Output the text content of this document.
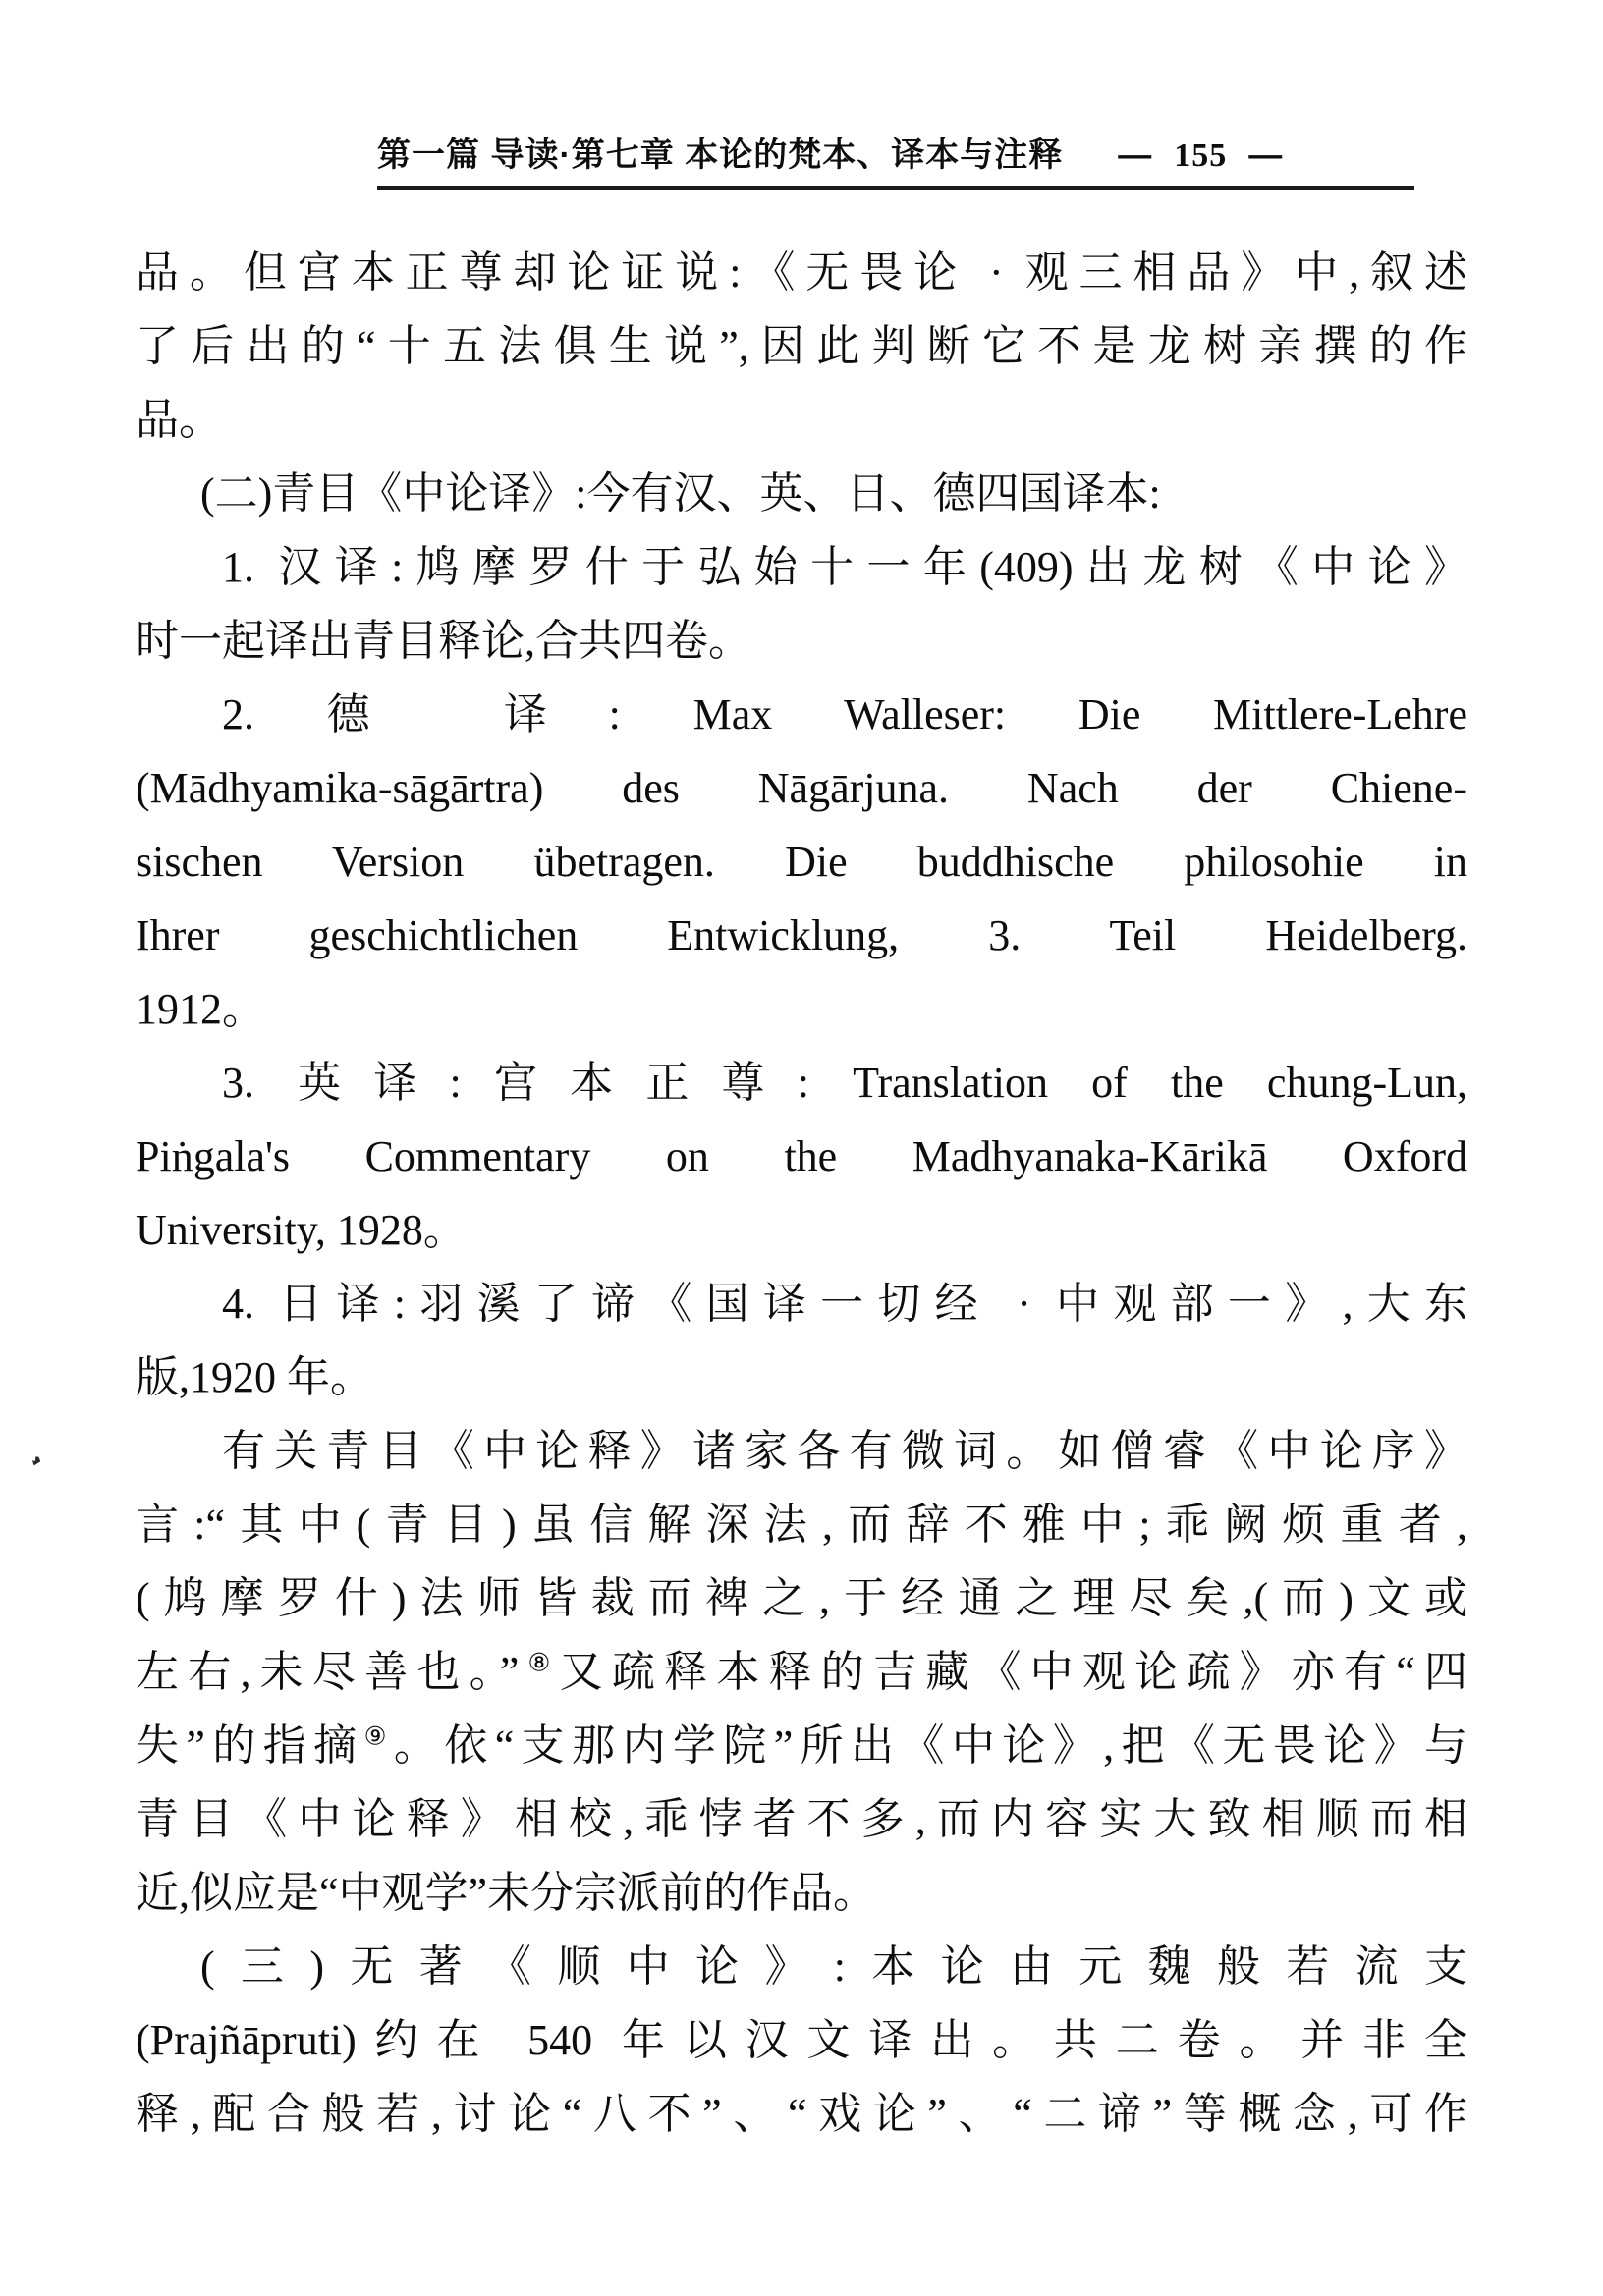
第一篇 导读·第七章 本论的梵本、译本与注释 — 155 —
品。但宫本正尊却论证说:《无畏论 · 观三相品》中,叙述
了后出的“十五法俱生说”,因此判断它不是龙树亲撰的作
品。
(二)青目《中论译》:今有汉、英、日、德四国译本:
1. 汉译:鸠摩罗什于弘始十一年(409)出龙树《中论》
时一起译出青目释论,合共四卷。
2. 德 译: Max Walleser: Die Mittlere-Lehre
(Mādhyamika-sāgārtra) des Nāgārjuna. Nach der Chiene-
sischen Version übetragen. Die buddhische philosohie in
Ihrer geschichtlichen Entwicklung, 3. Teil Heidelberg.
1912。
3. 英译:宫本正尊: Translation of the chung-Lun,
Piṅgala's Commentary on the Madhyanaka-Kārikā Oxford
University, 1928。
4. 日译:羽溪了谛《国译一切经 · 中观部一》,大东
版,1920 年。
有关青目《中论释》诸家各有微词。如僧睿《中论序》
言:“其中(青目)虽信解深法,而辞不雅中;乖阙烦重者,
(鸠摩罗什)法师皆裁而裨之,于经通之理尽矣,(而)文或
左右,未尽善也。”⑧又疏释本释的吉藏《中观论疏》亦有“四
失”的指摘⑨。依“支那内学院”所出《中论》,把《无畏论》与
青目《中论释》相校,乖悖者不多,而内容实大致相顺而相
近,似应是“中观学”未分宗派前的作品。
(三)无著《顺中论》:本论由元魏般若流支
(Prajñāpruti)约在 540 年以汉文译出。共二卷。并非全
释,配合般若,讨论“八不”、“戏论”、“二谛”等概念,可作
